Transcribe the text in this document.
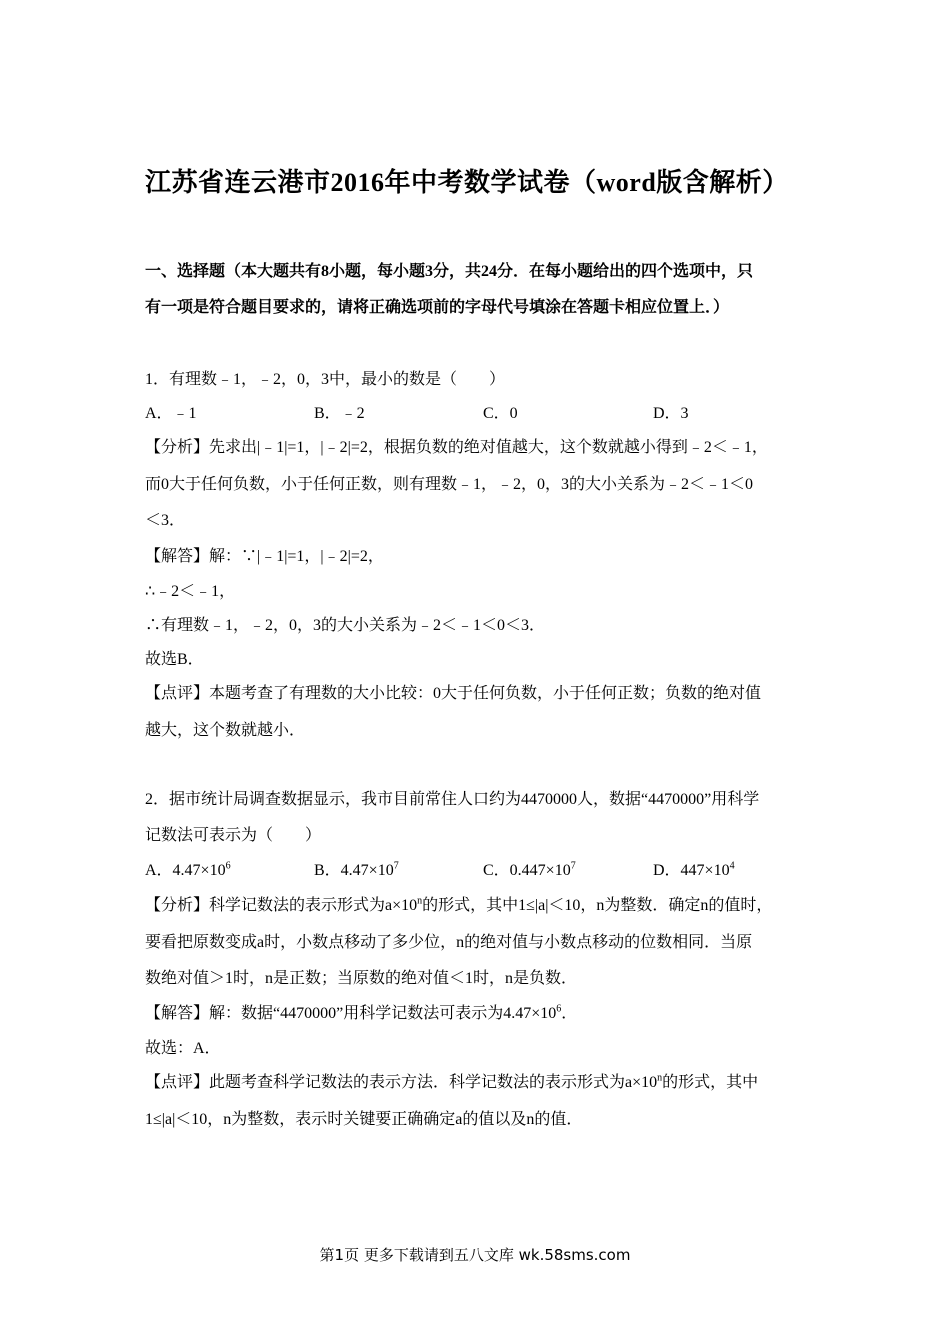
江苏省连云港市2016年中考数学试卷（word版含解析）
一、选择题（本大题共有8小题，每小题3分，共24分．在每小题给出的四个选项中，只
有一项是符合题目要求的，请将正确选项前的字母代号填涂在答题卡相应位置上．）
1．有理数﹣1，﹣2，0，3中，最小的数是（　　）
A．﹣1	B．﹣2	C．0	D．3
【分析】先求出|﹣1|=1，|﹣2|=2，根据负数的绝对值越大，这个数就越小得到﹣2＜﹣1，
而0大于任何负数，小于任何正数，则有理数﹣1，﹣2，0，3的大小关系为﹣2＜﹣1＜0
＜3．
【解答】解：∵|﹣1|=1，|﹣2|=2，
∴﹣2＜﹣1，
∴有理数﹣1，﹣2，0，3的大小关系为﹣2＜﹣1＜0＜3．
故选B．
【点评】本题考查了有理数的大小比较：0大于任何负数，小于任何正数；负数的绝对值
越大，这个数就越小．
2．据市统计局调查数据显示，我市目前常住人口约为4470000人，数据“4470000”用科学
记数法可表示为（　　）
A．$4.47\times 10^6$	B．$4.47\times 10^7$	C．$0.447\times 10^7$	D．$447\times 10^4$
【分析】科学记数法的表示形式为$a\times 10^n$的形式，其中1≤|a|＜10，n为整数．确定n的值时，
要看把原数变成a时，小数点移动了多少位，n的绝对值与小数点移动的位数相同．当原
数绝对值＞1时，n是正数；当原数的绝对值＜1时，n是负数．
【解答】解：数据“4470000”用科学记数法可表示为$4.47\times 10^6$．
故选：A．
【点评】此题考查科学记数法的表示方法．科学记数法的表示形式为$a\times 10^n$的形式，其中
1≤|a|＜10，n为整数，表示时关键要正确确定a的值以及n的值．
第1页 更多下载请到五八文库 wk.58sms.com
